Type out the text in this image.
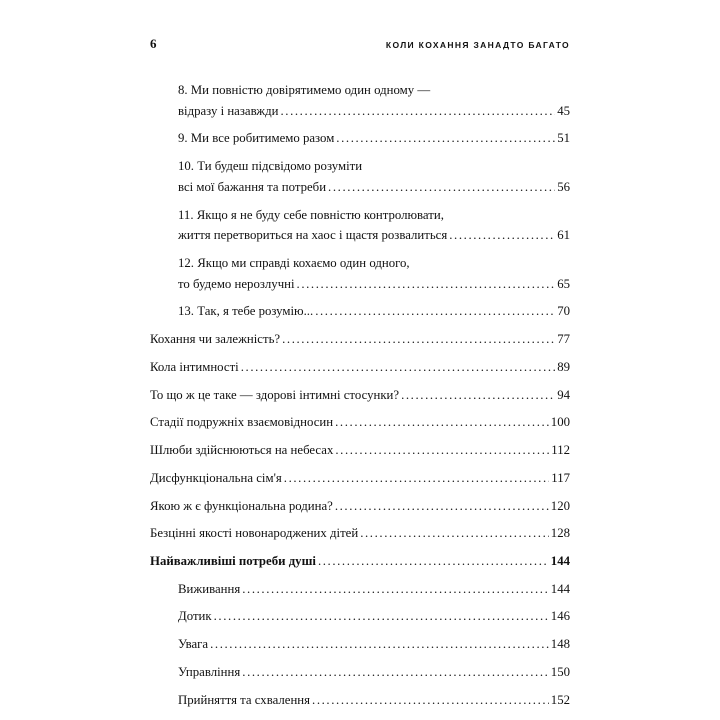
6	КОЛИ КОХАННЯ ЗАНАДТО БАГАТО
8. Ми повністю довірятимемо один одному —
відразу і назавжди .....	45
9. Ми все робитимемо разом .....	51
10. Ти будеш підсвідомо розуміти
всі мої бажання та потреби .....	56
11. Якщо я не буду себе повністю контролювати,
життя перетвориться на хаос і щастя розвалиться .....	61
12. Якщо ми справді кохаємо один одного,
то будемо нерозлучні .....	65
13. Так, я тебе розумію... .....	70
Кохання чи залежність? .....	77
Кола інтимності .....	89
То що ж це таке — здорові інтимні стосунки? .....	94
Стадії подружніх взаємовідносин .....	100
Шлюби здійснюються на небесах .....	112
Дисфункціональна сім'я .....	117
Якою ж є функціональна родина? .....	120
Безцінні якості новонароджених дітей .....	128
Найважливіші потреби душі .....	144
Виживання .....	144
Дотик .....	146
Увага .....	148
Управління .....	150
Прийняття та схвалення .....	152
